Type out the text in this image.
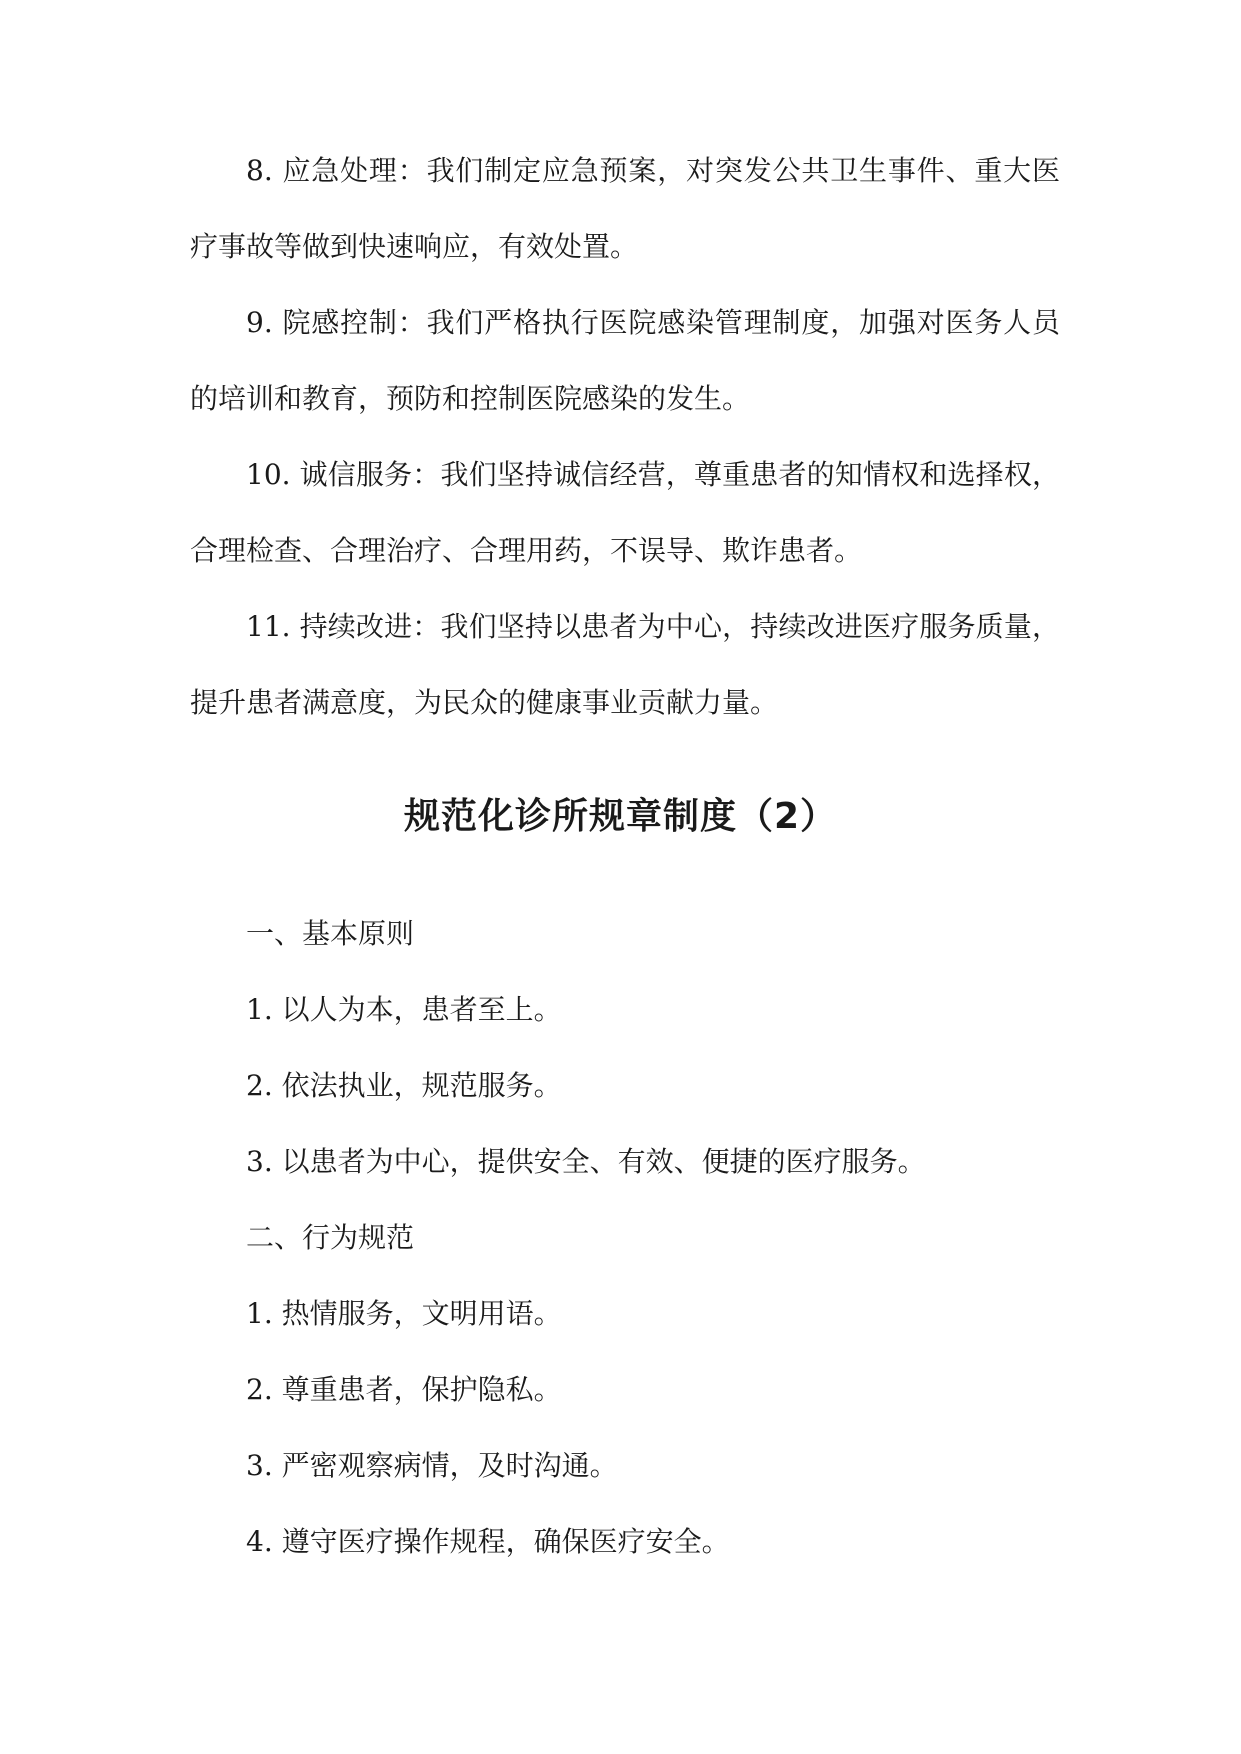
8. 应急处理：我们制定应急预案，对突发公共卫生事件、重大医疗事故等做到快速响应，有效处置。
9. 院感控制：我们严格执行医院感染管理制度，加强对医务人员的培训和教育，预防和控制医院感染的发生。
10. 诚信服务：我们坚持诚信经营，尊重患者的知情权和选择权，合理检查、合理治疗、合理用药，不误导、欺诈患者。
11. 持续改进：我们坚持以患者为中心，持续改进医疗服务质量，提升患者满意度，为民众的健康事业贡献力量。
规范化诊所规章制度（2）
一、基本原则
1. 以人为本，患者至上。
2. 依法执业，规范服务。
3. 以患者为中心，提供安全、有效、便捷的医疗服务。
二、行为规范
1. 热情服务，文明用语。
2. 尊重患者，保护隐私。
3. 严密观察病情，及时沟通。
4. 遵守医疗操作规程，确保医疗安全。
